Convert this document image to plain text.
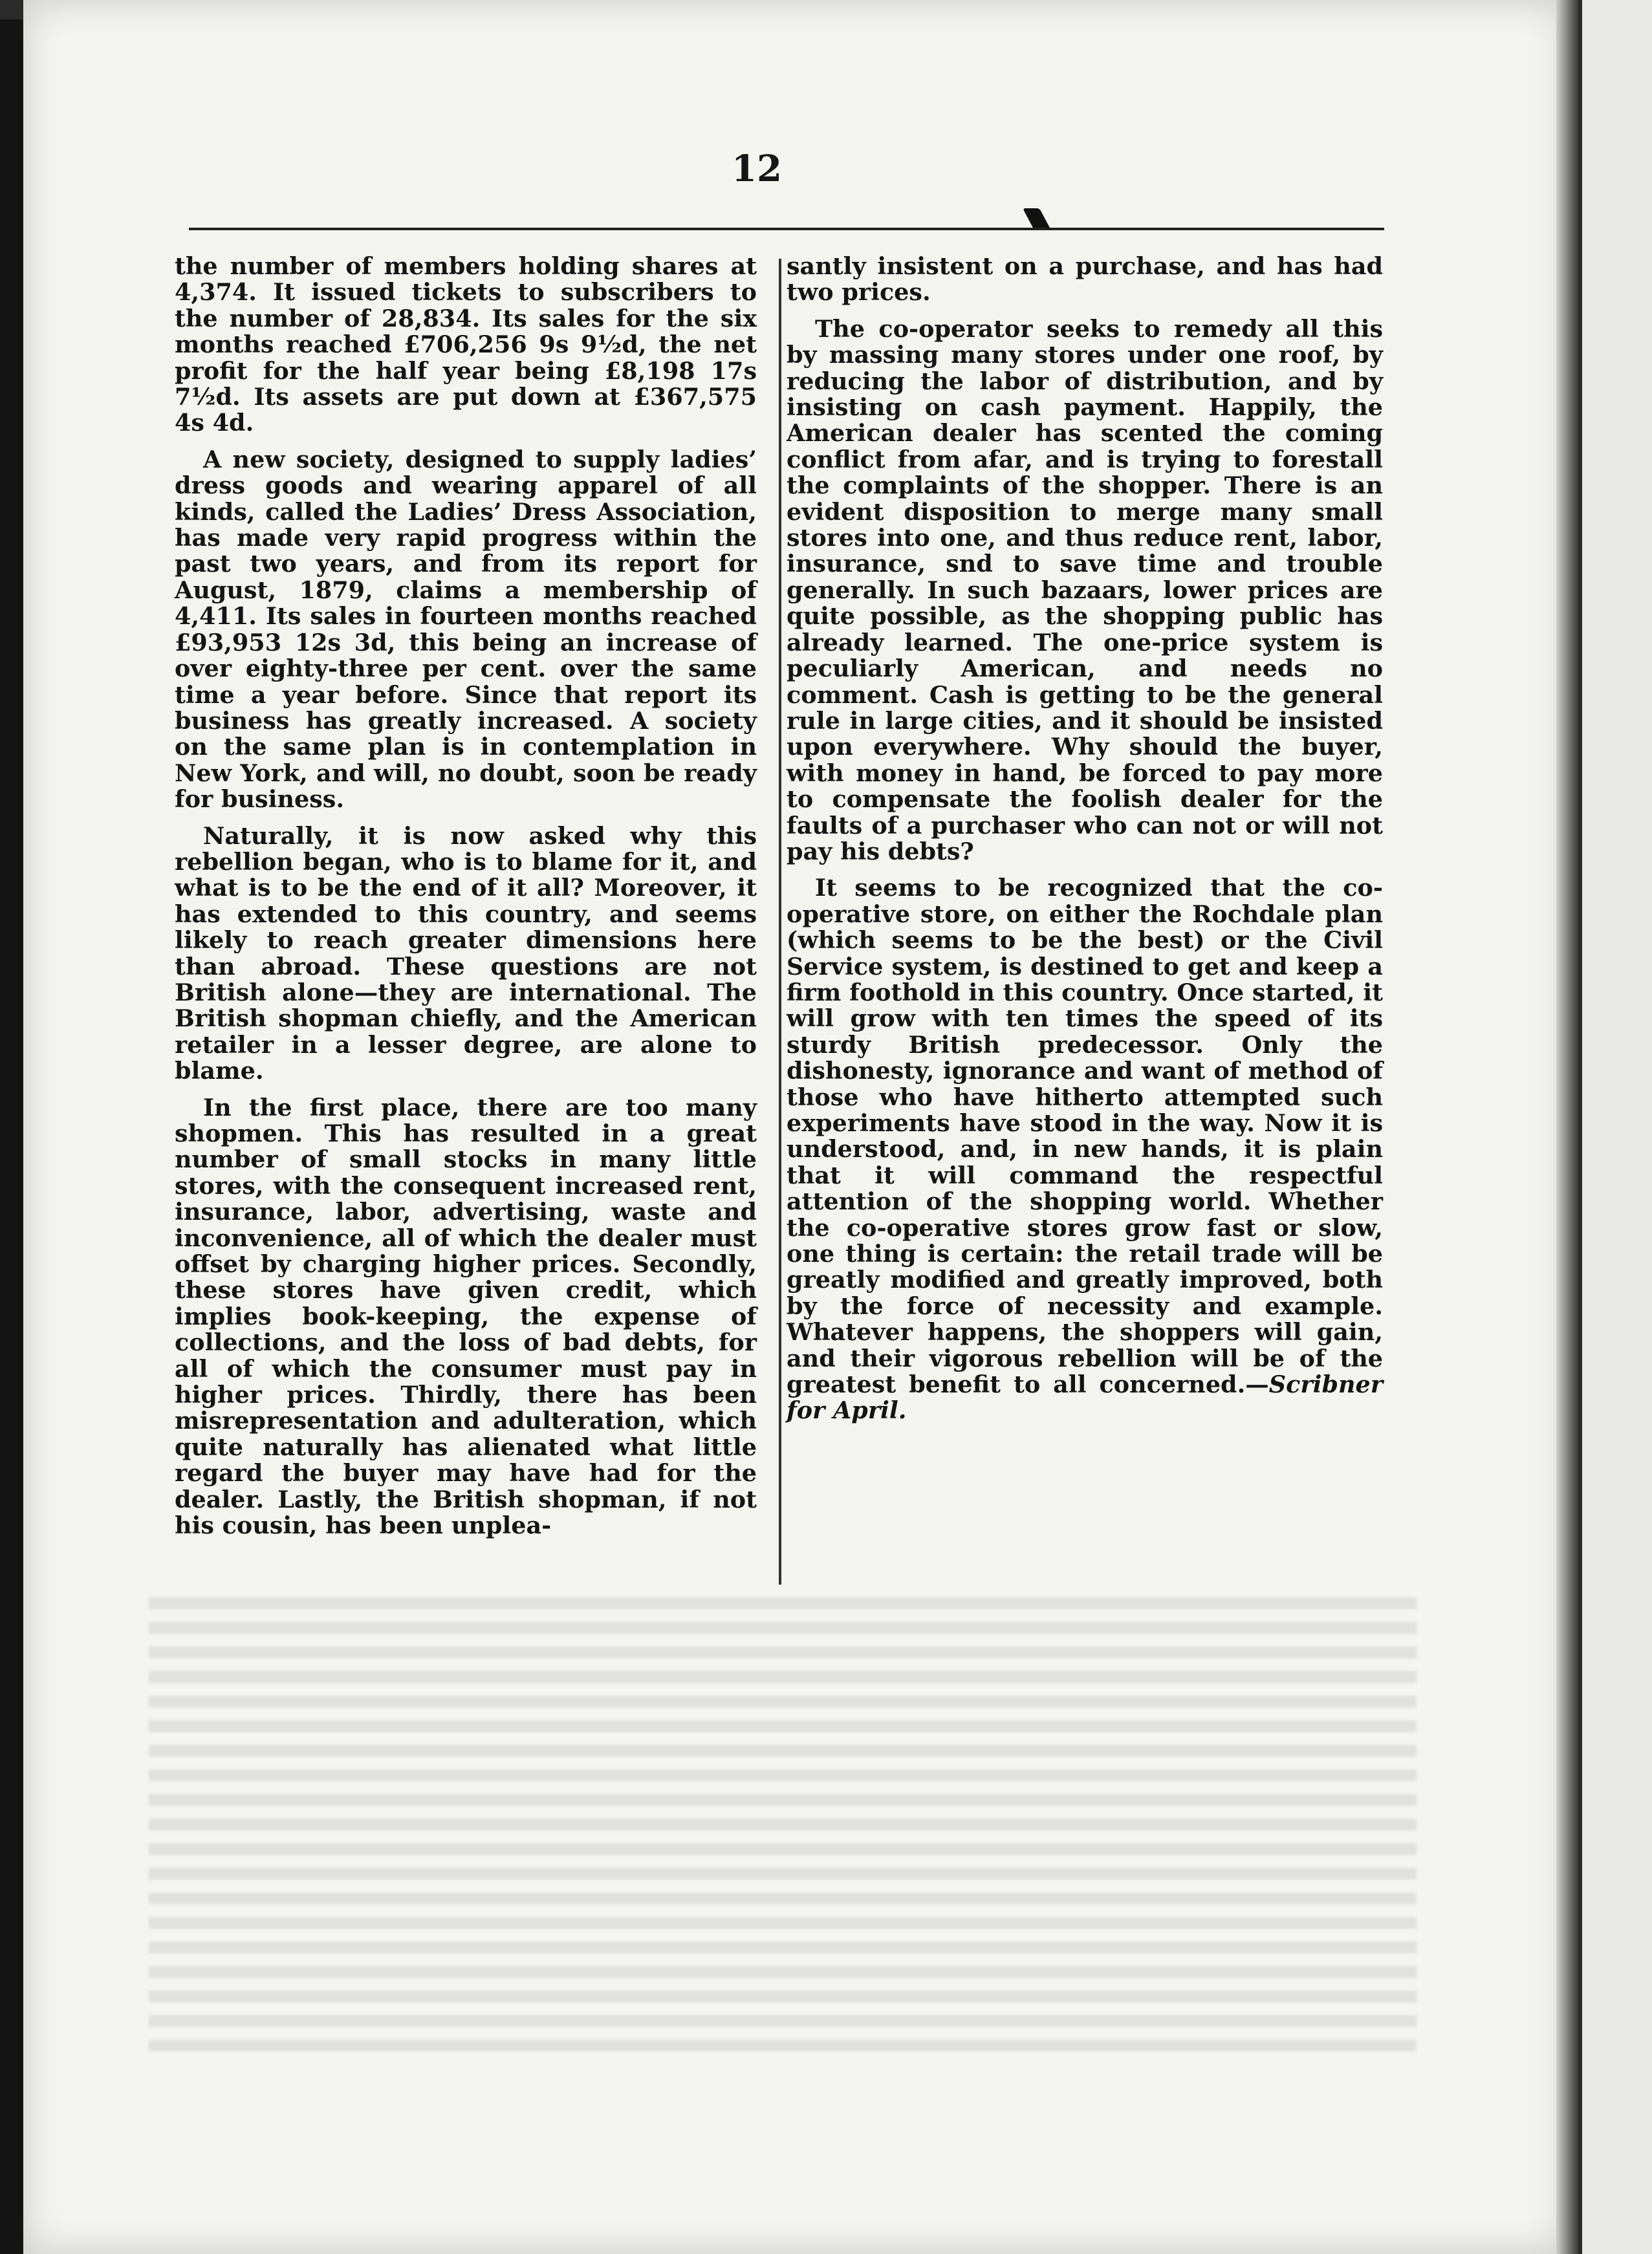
12

the number of members holding shares at 4,374. It issued tickets to subscribers to the number of 28,834. Its sales for the six months reached £706,256 9s 9½d, the net profit for the half year being £8,198 17s 7½d. Its assets are put down at £367,575 4s 4d.

A new society, designed to supply ladies’ dress goods and wearing apparel of all kinds, called the Ladies’ Dress Association, has made very rapid progress within the past two years, and from its report for August, 1879, claims a membership of 4,411. Its sales in fourteen months reached £93,953 12s 3d, this being an increase of over eighty-three per cent. over the same time a year before. Since that report its business has greatly increased. A society on the same plan is in contemplation in New York, and will, no doubt, soon be ready for business.

Naturally, it is now asked why this rebellion began, who is to blame for it, and what is to be the end of it all? Moreover, it has extended to this country, and seems likely to reach greater dimensions here than abroad. These questions are not British alone—they are international. The British shopman chiefly, and the American retailer in a lesser degree, are alone to blame.

In the first place, there are too many shopmen. This has resulted in a great number of small stocks in many little stores, with the consequent increased rent, insurance, labor, advertising, waste and inconvenience, all of which the dealer must offset by charging higher prices. Secondly, these stores have given credit, which implies book-keeping, the expense of collections, and the loss of bad debts, for all of which the consumer must pay in higher prices. Thirdly, there has been misrepresentation and adulteration, which quite naturally has alienated what little regard the buyer may have had for the dealer. Lastly, the British shopman, if not his cousin, has been unplea-

santly insistent on a purchase, and has had two prices.

The co-operator seeks to remedy all this by massing many stores under one roof, by reducing the labor of distribution, and by insisting on cash payment. Happily, the American dealer has scented the coming conflict from afar, and is trying to forestall the complaints of the shopper. There is an evident disposition to merge many small stores into one, and thus reduce rent, labor, insurance, snd to save time and trouble generally. In such bazaars, lower prices are quite possible, as the shopping public has already learned. The one-price system is peculiarly American, and needs no comment. Cash is getting to be the general rule in large cities, and it should be insisted upon everywhere. Why should the buyer, with money in hand, be forced to pay more to compensate the foolish dealer for the faults of a purchaser who can not or will not pay his debts?

It seems to be recognized that the co-operative store, on either the Rochdale plan (which seems to be the best) or the Civil Service system, is destined to get and keep a firm foothold in this country. Once started, it will grow with ten times the speed of its sturdy British predecessor. Only the dishonesty, ignorance and want of method of those who have hitherto attempted such experiments have stood in the way. Now it is understood, and, in new hands, it is plain that it will command the respectful attention of the shopping world. Whether the co-operative stores grow fast or slow, one thing is certain: the retail trade will be greatly modified and greatly improved, both by the force of necessity and example. Whatever happens, the shoppers will gain, and their vigorous rebellion will be of the greatest benefit to all concerned.—Scribner for April.
